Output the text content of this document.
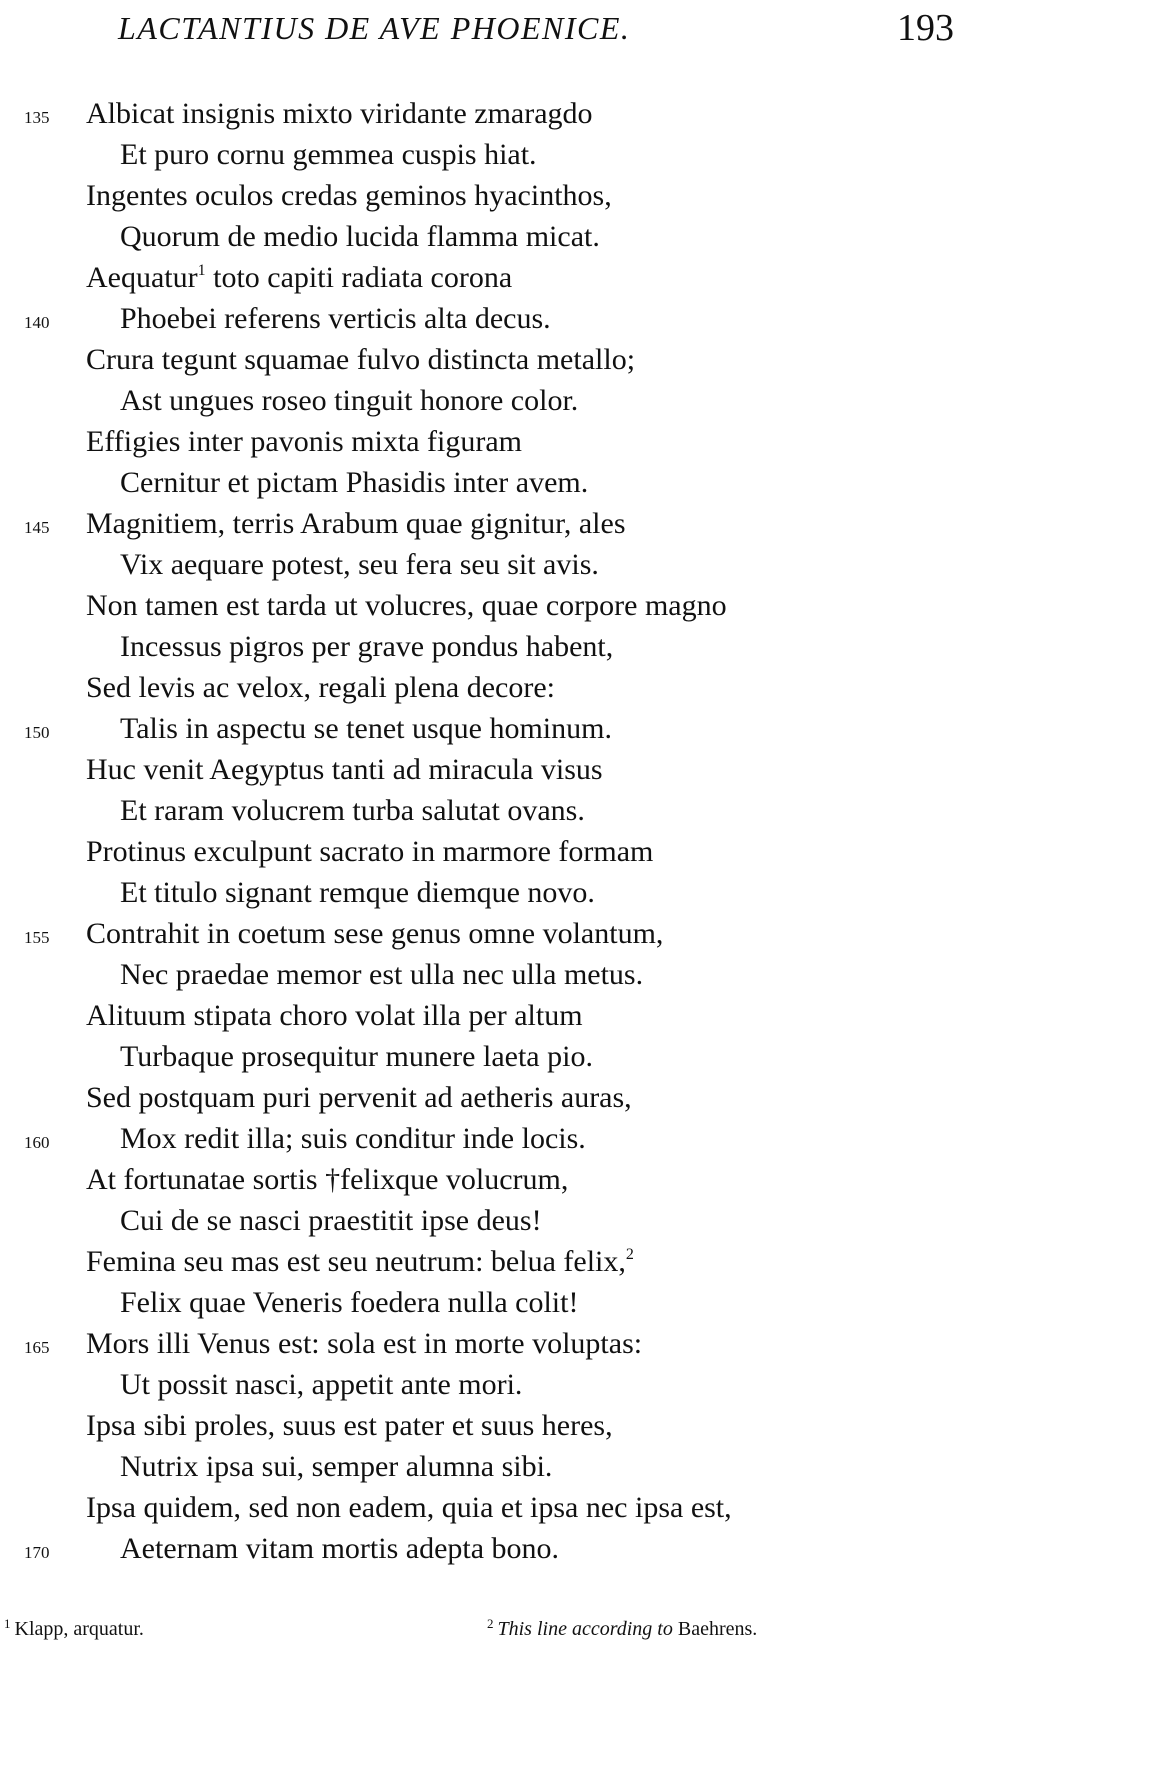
LACTANTIUS DE AVE PHOENICE.	193
135 Albicat insignis mixto viridante zmaragdo
Et puro cornu gemmea cuspis hiat.
Ingentes oculos credas geminos hyacinthos,
Quorum de medio lucida flamma micat.
Aequatur$^1$ toto capiti radiata corona
140 Phoebei referens verticis alta decus.
Crura tegunt squamae fulvo distincta metallo;
Ast ungues roseo tinguit honore color.
Effigies inter pavonis mixta figuram
Cernitur et pictam Phasidis inter avem.
145 Magnitiem, terris Arabum quae gignitur, ales
Vix aequare potest, seu fera seu sit avis.
Non tamen est tarda ut volucres, quae corpore magno
Incessus pigros per grave pondus habent,
Sed levis ac velox, regali plena decore:
150 Talis in aspectu se tenet usque hominum.
Huc venit Aegyptus tanti ad miracula visus
Et raram volucrem turba salutat ovans.
Protinus exculpunt sacrato in marmore formam
Et titulo signant remque diemque novo.
155 Contrahit in coetum sese genus omne volantum,
Nec praedae memor est ulla nec ulla metus.
Alituum stipata choro volat illa per altum
Turbaque prosequitur munere laeta pio.
Sed postquam puri pervenit ad aetheris auras,
160 Mox redit illa; suis conditur inde locis.
At fortunatae sortis †felixque volucrum,
Cui de se nasci praestitit ipse deus!
Femina seu mas est seu neutrum: belua felix,$^2$
Felix quae Veneris foedera nulla colit!
165 Mors illi Venus est: sola est in morte voluptas:
Ut possit nasci, appetit ante mori.
Ipsa sibi proles, suus est pater et suus heres,
Nutrix ipsa sui, semper alumna sibi.
Ipsa quidem, sed non eadem, quia et ipsa nec ipsa est,
170 Aeternam vitam mortis adepta bono.
$^1$ Klapp, arquatur.	$^2$ This line according to Baehrens.
